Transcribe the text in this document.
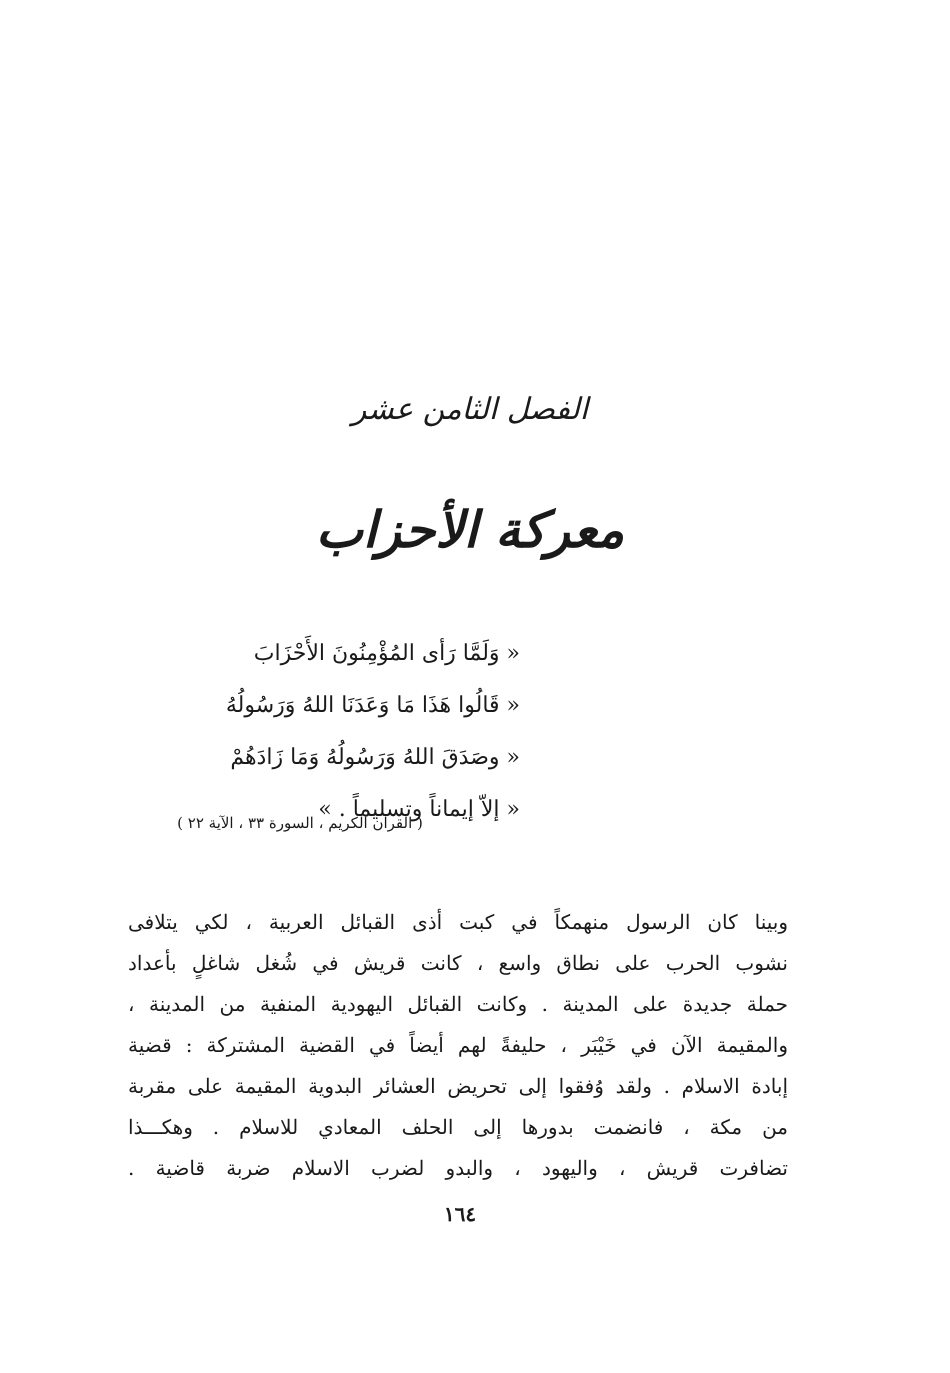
الفصل الثامن عشر
معركة الأحزاب
« وَلَمَّا رَأى المُؤْمِنُونَ الأَحْزَابَ
« قَالُوا هَذَا مَا وَعَدَنَا اللهُ وَرَسُولُهُ
« وصَدَقَ اللهُ وَرَسُولُهُ وَمَا زَادَهُمْ
« إلاّ إيماناً وتسليماً . »
( القرآن الكريم ، السورة ٣٣ ، الآية ٢٢ )
وبينا كان الرسول منهمكاً في كبت أذى القبائل العربية ، لكي يتلافى
نشوب الحرب على نطاق واسع ، كانت قريش في شُغل شاغلٍ بأعداد
حملة جديدة على المدينة . وكانت القبائل اليهودية المنفية من المدينة ،
والمقيمة الآن في خَيْبَر ، حليفةً لهم أيضاً في القضية المشتركة : قضية
إبادة الاسلام . ولقد وُفقوا إلى تحريض العشائر البدوية المقيمة على مقربة
من مكة ، فانضمت بدورها إلى الحلف المعادي للاسلام . وهكـــذا
تضافرت قريش ، واليهود ، والبدو لضرب الاسلام ضربة قاضية .
١٦٤
